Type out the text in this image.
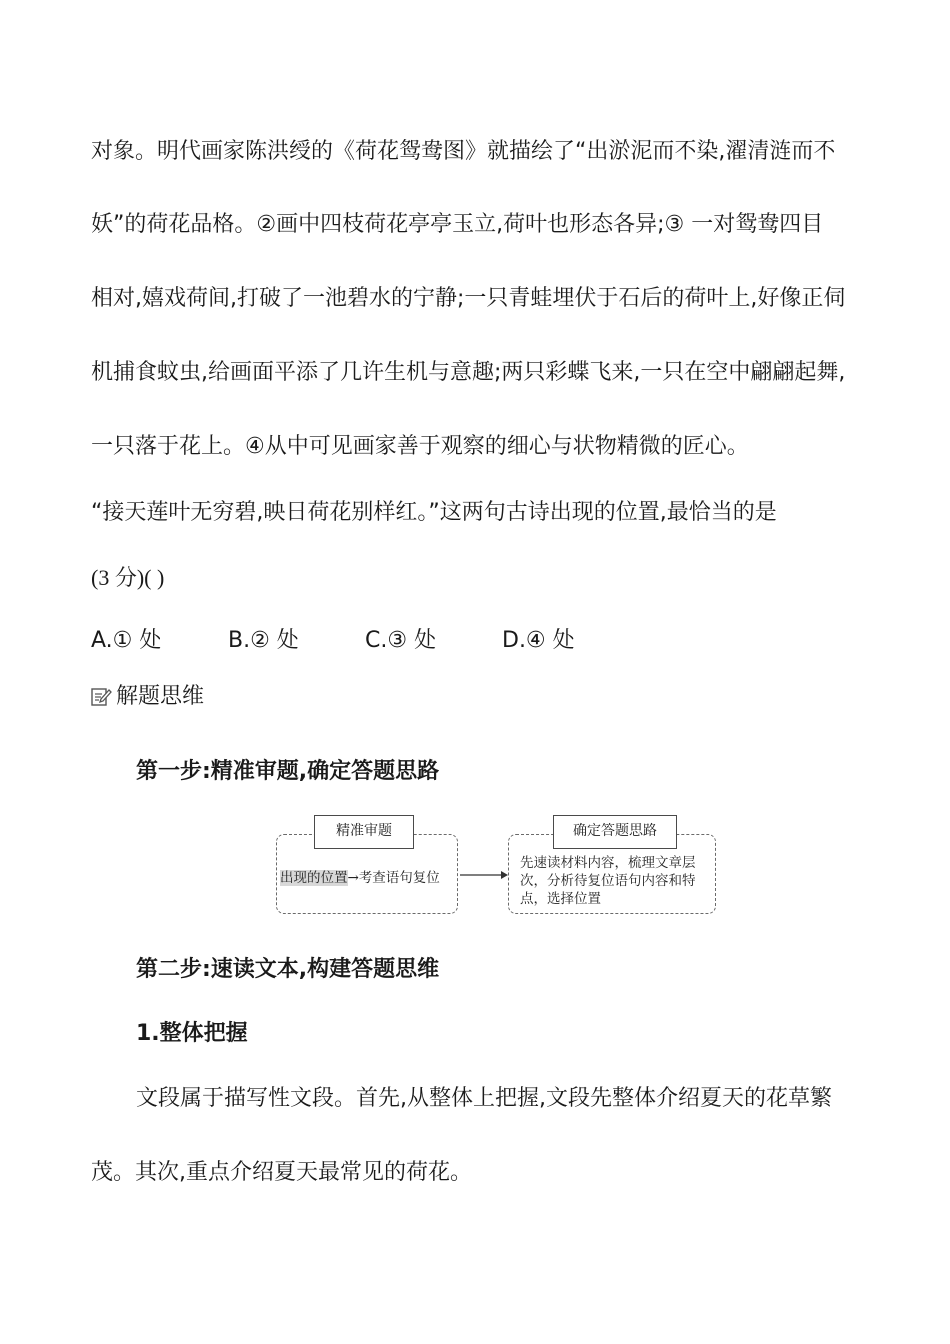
对象。明代画家陈洪绶的《荷花鸳鸯图》就描绘了“出淤泥而不染,濯清涟而不
妖”的荷花品格。②画中四枝荷花亭亭玉立,荷叶也形态各异;③ 一对鸳鸯四目
相对,嬉戏荷间,打破了一池碧水的宁静;一只青蛙埋伏于石后的荷叶上,好像正伺
机捕食蚊虫,给画面平添了几许生机与意趣;两只彩蝶飞来,一只在空中翩翩起舞,
一只落于花上。④从中可见画家善于观察的细心与状物精微的匠心。
“接天莲叶无穷碧,映日荷花别样红。”这两句古诗出现的位置,最恰当的是
(3 分)( )
A.① 处	B.② 处	C.③ 处	D.④ 处
解题思维
第一步:精准审题,确定答题思路
精准审题
出现的位置→考查语句复位
确定答题思路
先速读材料内容，梳理文章层
次，分析待复位语句内容和特
点，选择位置
第二步:速读文本,构建答题思维
1.整体把握
文段属于描写性文段。首先,从整体上把握,文段先整体介绍夏天的花草繁
茂。其次,重点介绍夏天最常见的荷花。
